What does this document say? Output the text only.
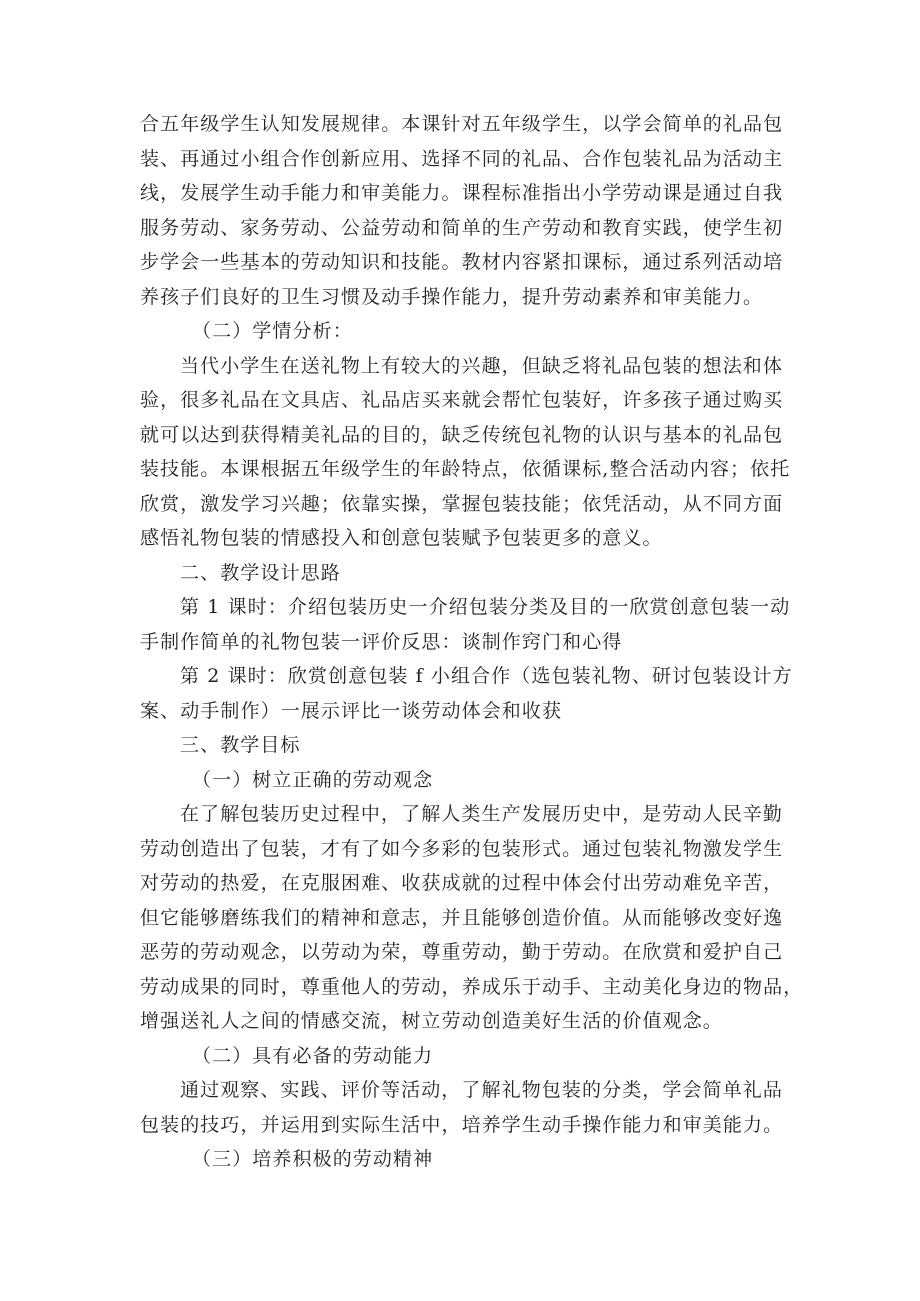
合五年级学生认知发展规律。本课针对五年级学生，以学会简单的礼品包
装、再通过小组合作创新应用、选择不同的礼品、合作包装礼品为活动主
线，发展学生动手能力和审美能力。课程标准指出小学劳动课是通过自我
服务劳动、家务劳动、公益劳动和简单的生产劳动和教育实践，使学生初
步学会一些基本的劳动知识和技能。教材内容紧扣课标，通过系列活动培
养孩子们良好的卫生习惯及动手操作能力，提升劳动素养和审美能力。
（二）学情分析：
当代小学生在送礼物上有较大的兴趣，但缺乏将礼品包装的想法和体
验，很多礼品在文具店、礼品店买来就会帮忙包装好，许多孩子通过购买
就可以达到获得精美礼品的目的，缺乏传统包礼物的认识与基本的礼品包
装技能。本课根据五年级学生的年龄特点，依循课标,整合活动内容；依托
欣赏，激发学习兴趣；依靠实操，掌握包装技能；依凭活动，从不同方面
感悟礼物包装的情感投入和创意包装赋予包装更多的意义。
二、教学设计思路
第 1 课时：介绍包装历史一介绍包装分类及目的一欣赏创意包装一动
手制作简单的礼物包装一评价反思：谈制作窍门和心得
第 2 课时：欣赏创意包装 f 小组合作（选包装礼物、研讨包装设计方
案、动手制作）一展示评比一谈劳动体会和收获
三、教学目标
（一）树立正确的劳动观念
在了解包装历史过程中，了解人类生产发展历史中，是劳动人民辛勤
劳动创造出了包装，才有了如今多彩的包装形式。通过包装礼物激发学生
对劳动的热爱，在克服困难、收获成就的过程中体会付出劳动难免辛苦，
但它能够磨练我们的精神和意志，并且能够创造价值。从而能够改变好逸
恶劳的劳动观念，以劳动为荣，尊重劳动，勤于劳动。在欣赏和爱护自己
劳动成果的同时，尊重他人的劳动，养成乐于动手、主动美化身边的物品，
增强送礼人之间的情感交流，树立劳动创造美好生活的价值观念。
（二）具有必备的劳动能力
通过观察、实践、评价等活动，了解礼物包装的分类，学会简单礼品
包装的技巧，并运用到实际生活中，培养学生动手操作能力和审美能力。
（三）培养积极的劳动精神
